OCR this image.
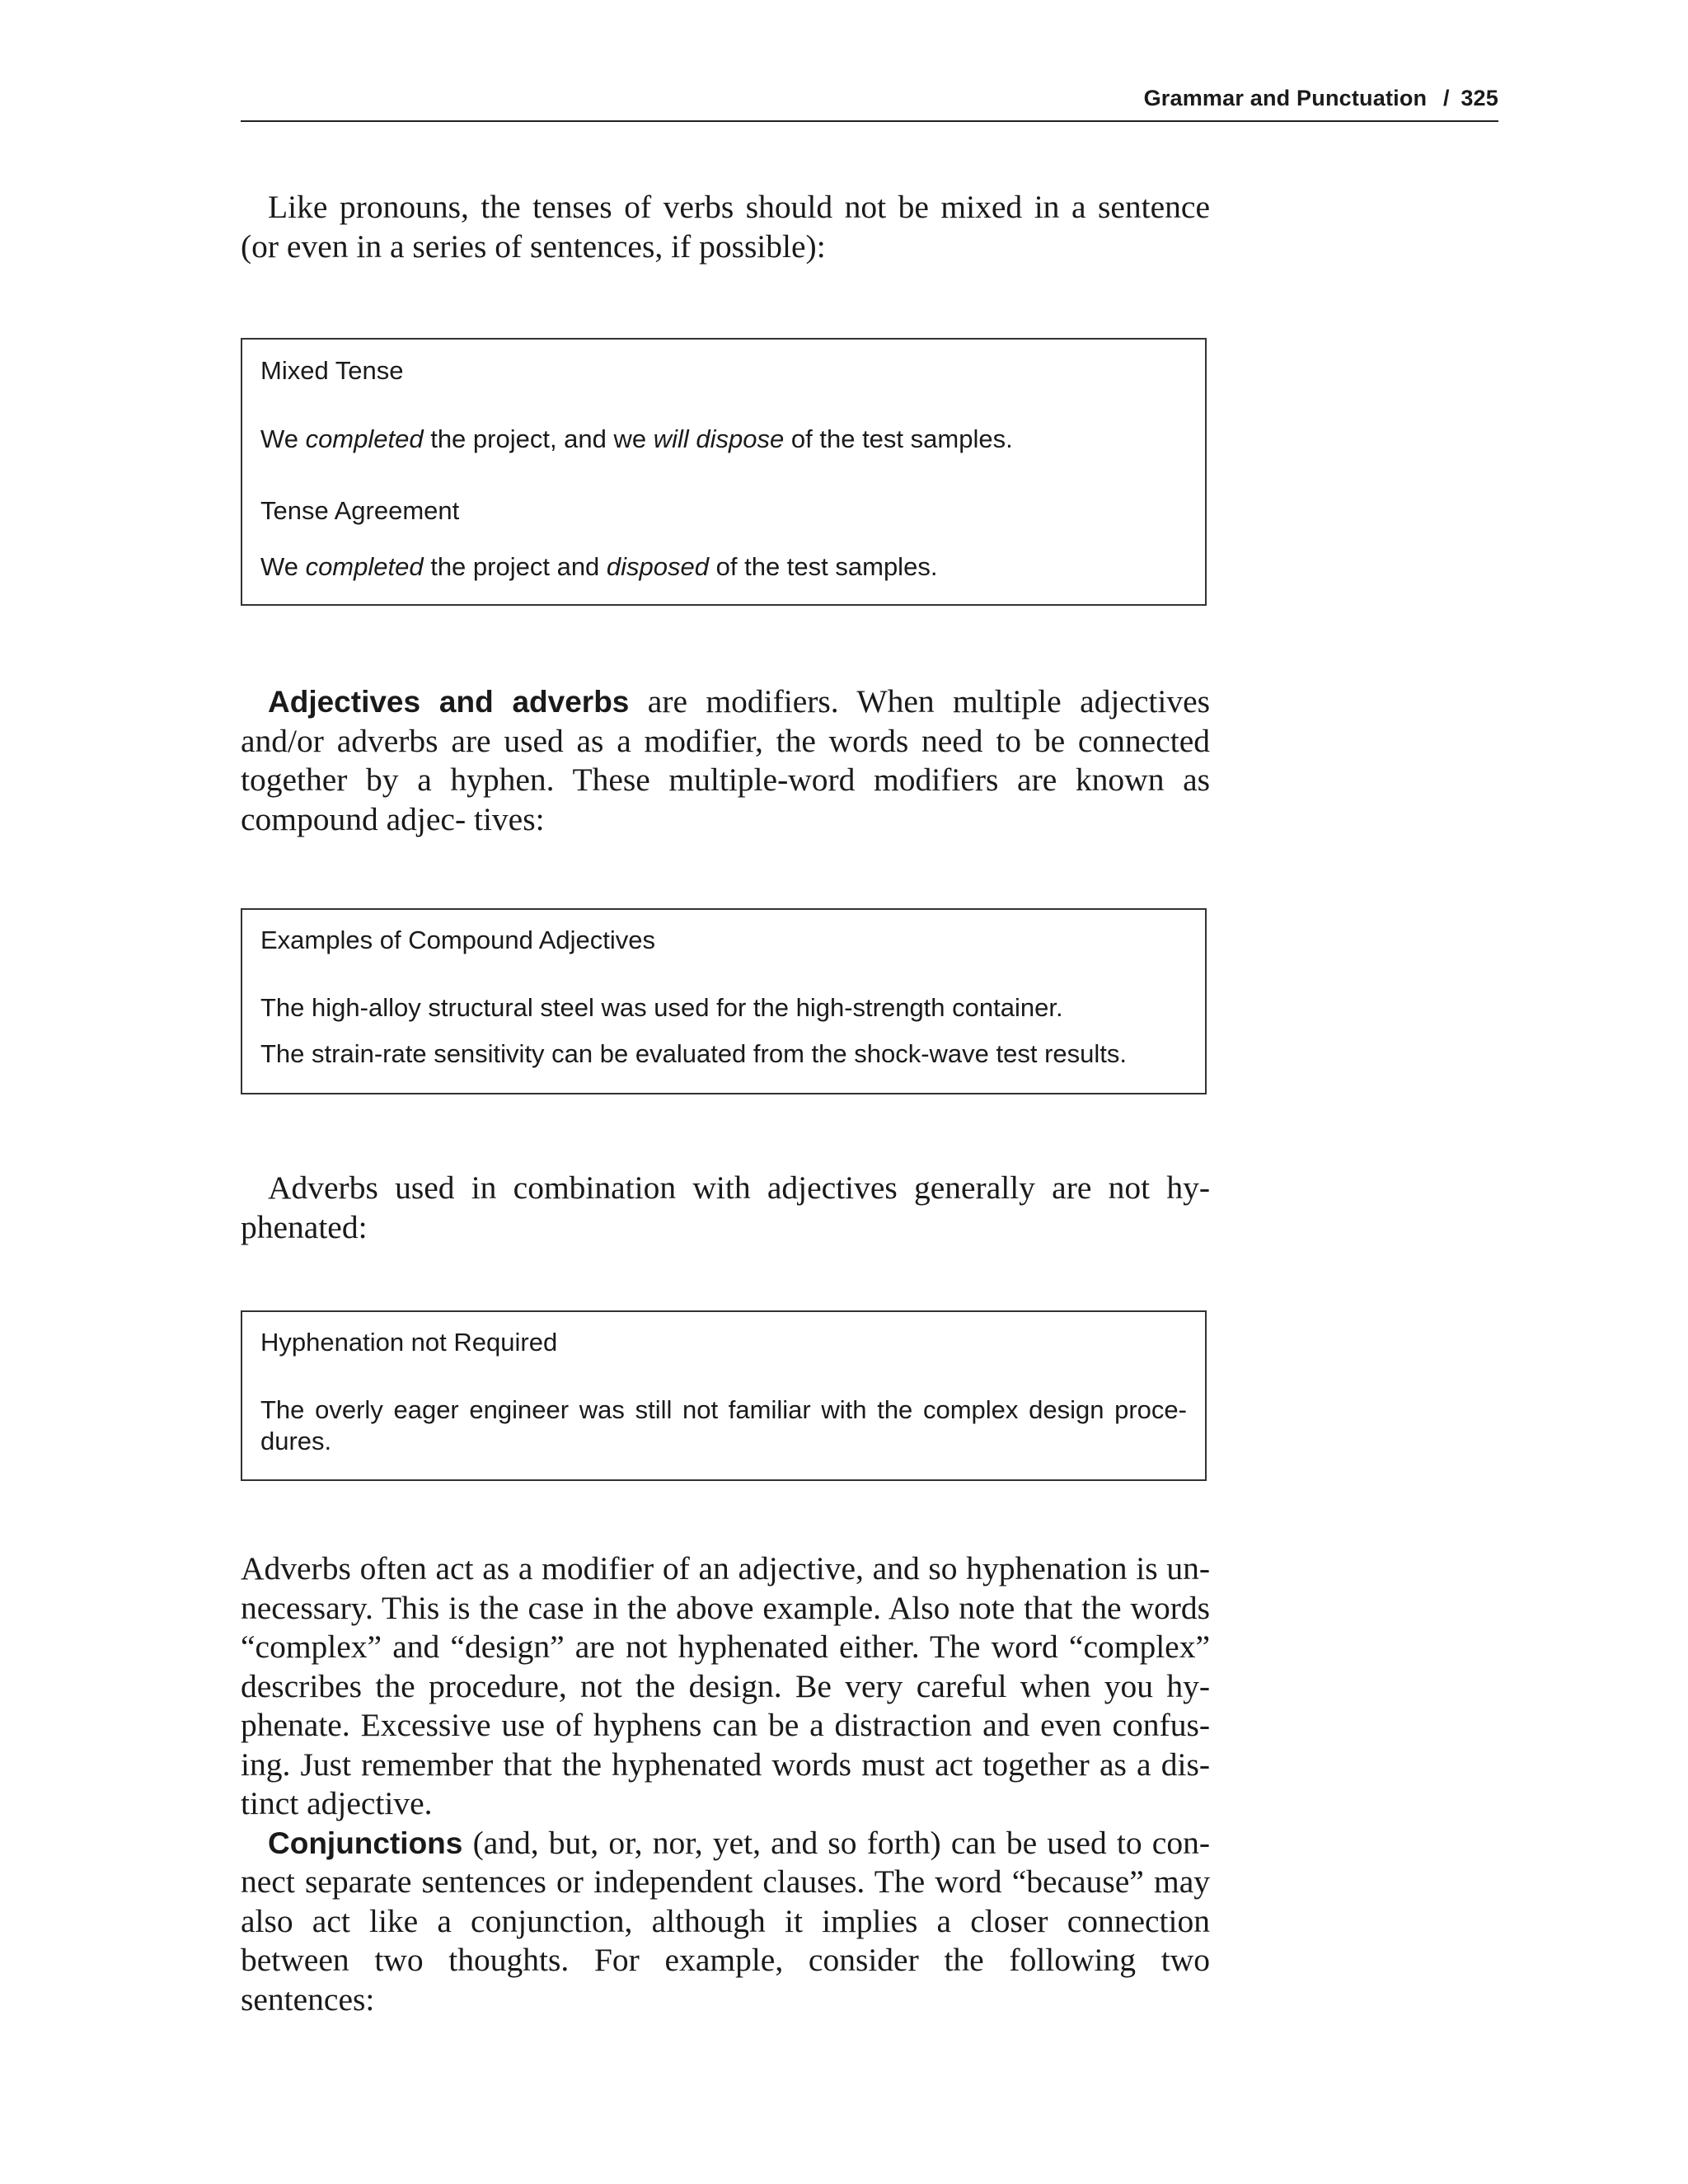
Grammar and Punctuation / 325

Like pronouns, the tenses of verbs should not be mixed in a sentence (or even in a series of sentences, if possible):

Mixed Tense
We completed the project, and we will dispose of the test samples.
Tense Agreement
We completed the project and disposed of the test samples.

Adjectives and adverbs are modifiers. When multiple adjectives and/or adverbs are used as a modifier, the words need to be connected together by a hyphen. These multiple-word modifiers are known as compound adjec- tives:

Examples of Compound Adjectives
The high-alloy structural steel was used for the high-strength container.
The strain-rate sensitivity can be evaluated from the shock-wave test results.

Adverbs used in combination with adjectives generally are not hy- phenated:

Hyphenation not Required
The overly eager engineer was still not familiar with the complex design proce- dures.

Adverbs often act as a modifier of an adjective, and so hyphenation is un- necessary. This is the case in the above example. Also note that the words “complex” and “design” are not hyphenated either. The word “complex” describes the procedure, not the design. Be very careful when you hy- phenate. Excessive use of hyphens can be a distraction and even confus- ing. Just remember that the hyphenated words must act together as a dis- tinct adjective.

Conjunctions (and, but, or, nor, yet, and so forth) can be used to con- nect separate sentences or independent clauses. The word “because” may also act like a conjunction, although it implies a closer connection between two thoughts. For example, consider the following two sentences:
